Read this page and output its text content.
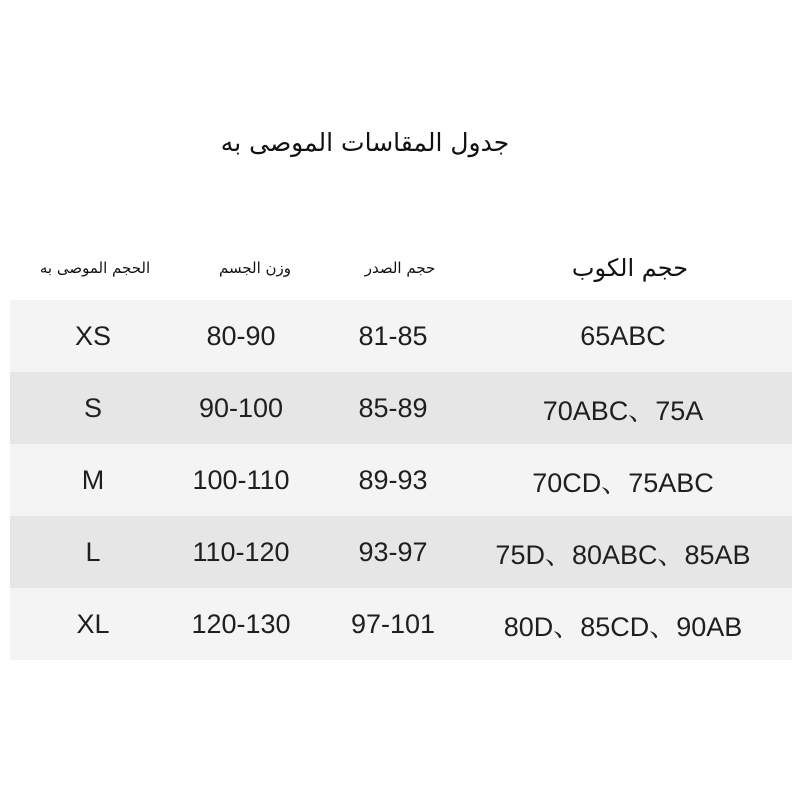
جدول المقاسات الموصى به
الحجم الموصى به	وزن الجسم	حجم الصدر	حجم الكوب
XS	80-90	81-85	65ABC
S	90-100	85-89	70ABC、75A
M	100-110	89-93	70CD、75ABC
L	110-120	93-97	75D、80ABC、85AB
XL	120-130	97-101	80D、85CD、90AB
